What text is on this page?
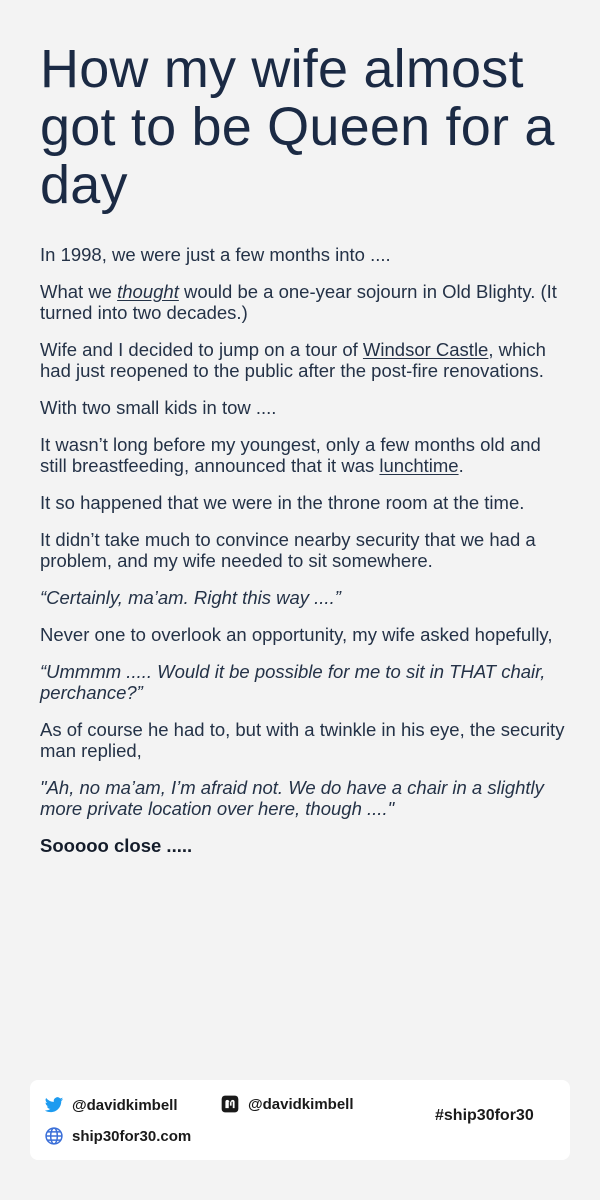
How my wife almost got to be Queen for a day

In 1998, we were just a few months into ....

What we thought would be a one-year sojourn in Old Blighty. (It turned into two decades.)

Wife and I decided to jump on a tour of Windsor Castle, which had just reopened to the public after the post-fire renovations.

With two small kids in tow ....

It wasn’t long before my youngest, only a few months old and still breastfeeding, announced that it was lunchtime.

It so happened that we were in the throne room at the time.

It didn’t take much to convince nearby security that we had a problem, and my wife needed to sit somewhere.

“Certainly, ma’am. Right this way ....”

Never one to overlook an opportunity, my wife asked hopefully,

“Ummmm ..... Would it be possible for me to sit in THAT chair, perchance?”

As of course he had to, but with a twinkle in his eye, the security man replied,

"Ah, no ma’am, I’m afraid not. We do have a chair in a slightly more private location over here, though ...."

Sooooo close .....

@davidkimbell	@davidkimbell
ship30for30.com
#ship30for30
